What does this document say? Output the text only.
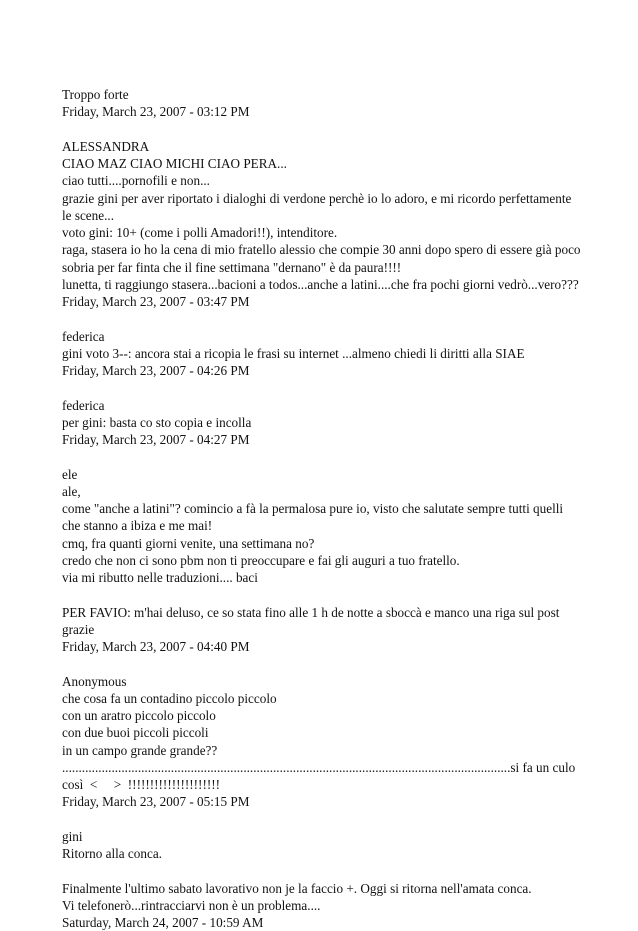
Troppo forte
Friday, March 23, 2007 - 03:12 PM
ALESSANDRA
CIAO MAZ CIAO MICHI CIAO PERA...
ciao tutti....pornofili e non...
grazie gini per aver riportato i dialoghi di verdone perchè io lo adoro, e mi ricordo perfettamente le scene...
voto gini: 10+ (come i polli Amadori!!), intenditore.
raga, stasera io ho la cena di mio fratello alessio che compie 30 anni dopo spero di essere già poco sobria per far finta che il fine settimana "dernano" è da paura!!!!
lunetta, ti raggiungo stasera...bacioni a todos...anche a latini....che fra pochi giorni vedrò...vero???
Friday, March 23, 2007 - 03:47 PM
federica
gini voto 3--: ancora stai a ricopia le frasi su internet ...almeno chiedi li diritti alla SIAE
Friday, March 23, 2007 - 04:26 PM
federica
per gini: basta co sto copia e incolla
Friday, March 23, 2007 - 04:27 PM
ele
ale,
come "anche a latini"? comincio a fà la permalosa pure io, visto che salutate sempre tutti quelli che stanno a ibiza e me mai!
cmq, fra quanti giorni venite, una settimana no?
credo che non ci sono pbm non ti preoccupare e fai gli auguri a tuo fratello.
via mi ributto nelle traduzioni.... baci
PER FAVIO: m'hai deluso, ce so stata fino alle 1 h de notte a sboccà e manco una riga sul post grazie
Friday, March 23, 2007 - 04:40 PM
Anonymous
che cosa fa un contadino piccolo piccolo
con un aratro piccolo piccolo
con due buoi piccoli piccoli
in un campo grande grande??
........................................................................................................................................si fa un culo così  <     >  !!!!!!!!!!!!!!!!!!!!!
Friday, March 23, 2007 - 05:15 PM
gini
Ritorno alla conca.
Finalmente l'ultimo sabato lavorativo non je la faccio +. Oggi si ritorna nell'amata conca.
Vi telefonerò...rintracciarvi non è un problema....
Saturday, March 24, 2007 - 10:59 AM
